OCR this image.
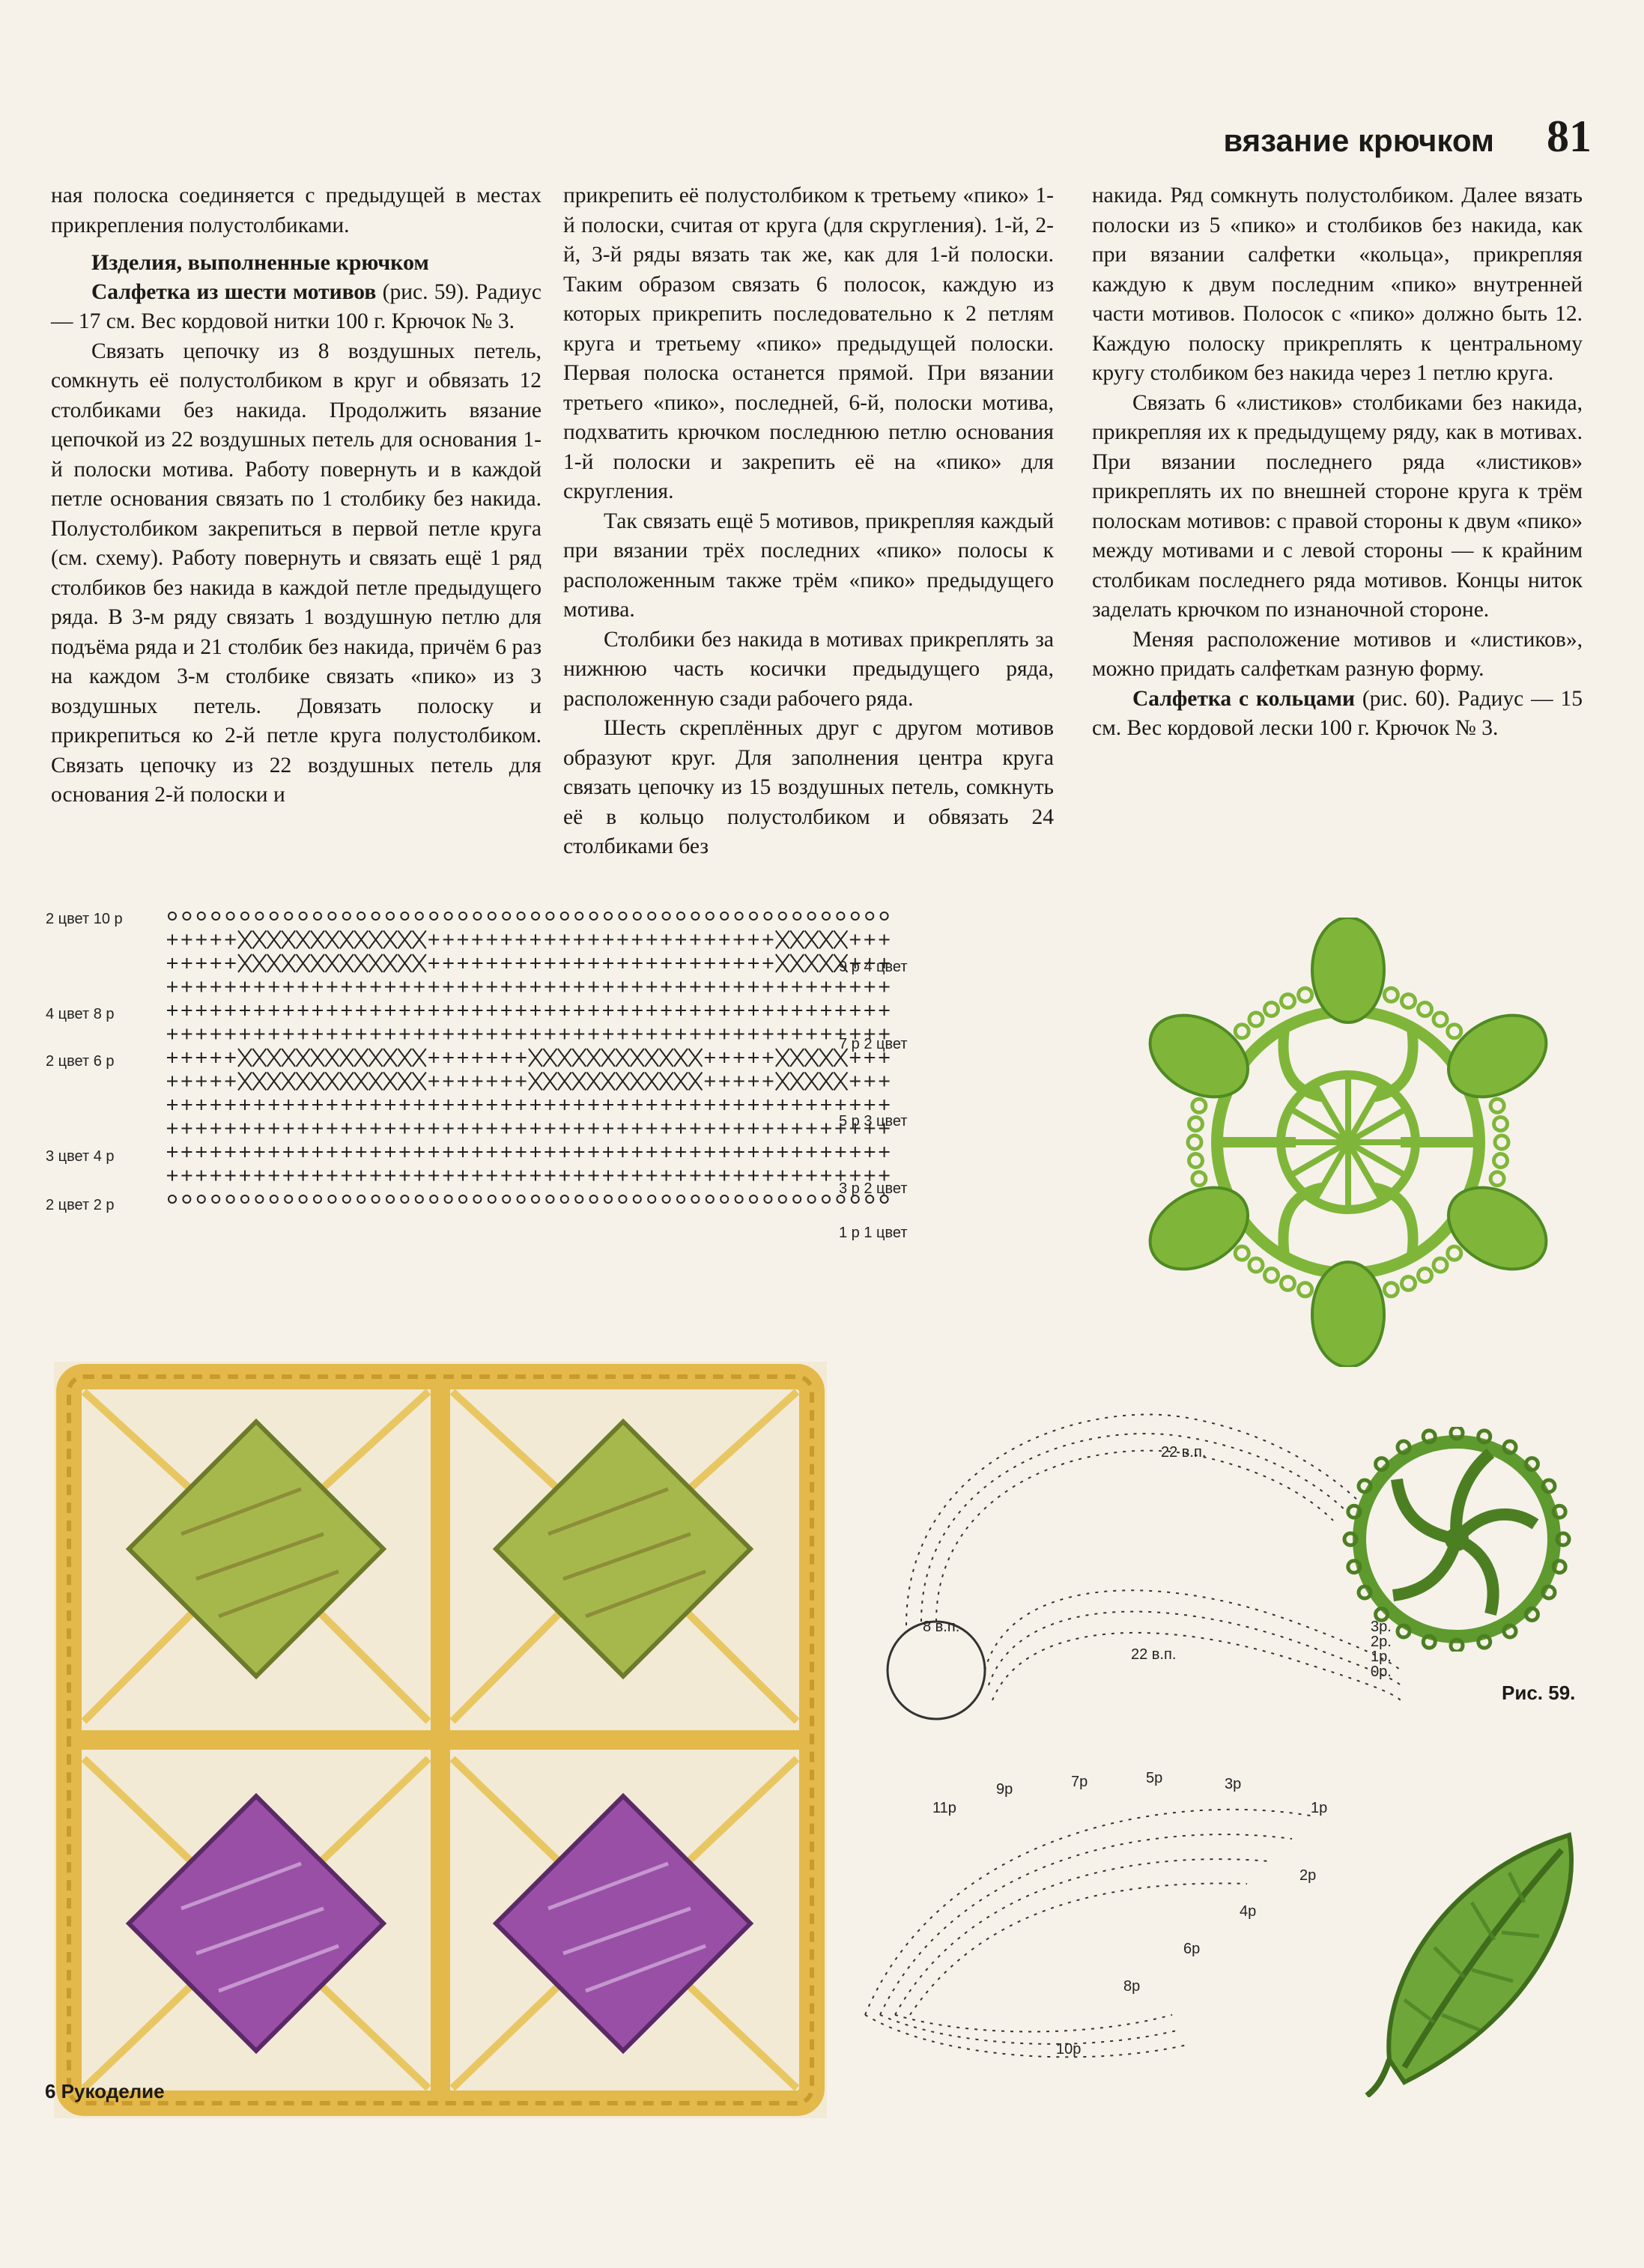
вязание крючком 81

ная полоска соединяется с предыдущей в местах прикрепления полустолбиками.

Изделия, выполненные крючком

Салфетка из шести мотивов (рис. 59). Радиус — 17 см. Вес кордовой нитки 100 г. Крючок № 3.

Связать цепочку из 8 воздушных петель, сомкнуть её полустолбиком в круг и обвязать 12 столбиками без накида. Продолжить вязание цепочкой из 22 воздушных петель для основания 1-й полоски мотива. Работу повернуть и в каждой петле основания связать по 1 столбику без накида. Полустолбиком закрепиться в первой петле круга (см. схему). Работу повернуть и связать ещё 1 ряд столбиков без накида в каждой петле предыдущего ряда. В 3-м ряду связать 1 воздушную петлю для подъёма ряда и 21 столбик без накида, причём 6 раз на каждом 3-м столбике связать «пико» из 3 воздушных петель. Довязать полоску и прикрепиться ко 2-й петле круга полустолбиком. Связать цепочку из 22 воздушных петель для основания 2-й полоски и

прикрепить её полустолбиком к третьему «пико» 1-й полоски, считая от круга (для скругления). 1-й, 2-й, 3-й ряды вязать так же, как для 1-й полоски. Таким образом связать 6 полосок, каждую из которых прикрепить последовательно к 2 петлям круга и третьему «пико» предыдущей полоски. Первая полоска останется прямой. При вязании третьего «пико», последней, 6-й, полоски мотива, подхватить крючком последнюю петлю основания 1-й полоски и закрепить её на «пико» для скругления.

Так связать ещё 5 мотивов, прикрепляя каждый при вязании трёх последних «пико» полосы к расположенным также трём «пико» предыдущего мотива.

Столбики без накида в мотивах прикреплять за нижнюю часть косички предыдущего ряда, расположенную сзади рабочего ряда.

Шесть скреплённых друг с другом мотивов образуют круг. Для заполнения центра круга связать цепочку из 15 воздушных петель, сомкнуть её в кольцо полустолбиком и обвязать 24 столбиками без

накида. Ряд сомкнуть полустолбиком. Далее вязать полоски из 5 «пико» и столбиков без накида, как при вязании салфетки «кольца», прикрепляя каждую к двум последним «пико» внутренней части мотивов. Полосок с «пико» должно быть 12. Каждую полоску прикреплять к центральному кругу столбиком без накида через 1 петлю круга.

Связать 6 «листиков» столбиками без накида, прикрепляя их к предыдущему ряду, как в мотивах. При вязании последнего ряда «листиков» прикреплять их по внешней стороне круга к трём полоскам мотивов: с правой стороны к двум «пико» между мотивами и с левой стороны — к крайним столбикам последнего ряда мотивов. Концы ниток заделать крючком по изнаночной стороне.

Меняя расположение мотивов и «листиков», можно придать салфеткам разную форму.

Салфетка с кольцами (рис. 60). Радиус — 15 см. Вес кордовой лески 100 г. Крючок № 3.

2 цвет 10 р
4 цвет 8 р
2 цвет 6 р
3 цвет 4 р
2 цвет 2 р
9 р 4 цвет
7 р 2 цвет
5 р 3 цвет
3 р 2 цвет
1 р 1 цвет
8 в.п.
22 в.п.
22 в.п.
3р.
2р.
1р.
0р.
Рис. 59.
1р
3р
5р
7р
9р
11р
2р
4р
6р
8р
10р
6 Рукоделие
